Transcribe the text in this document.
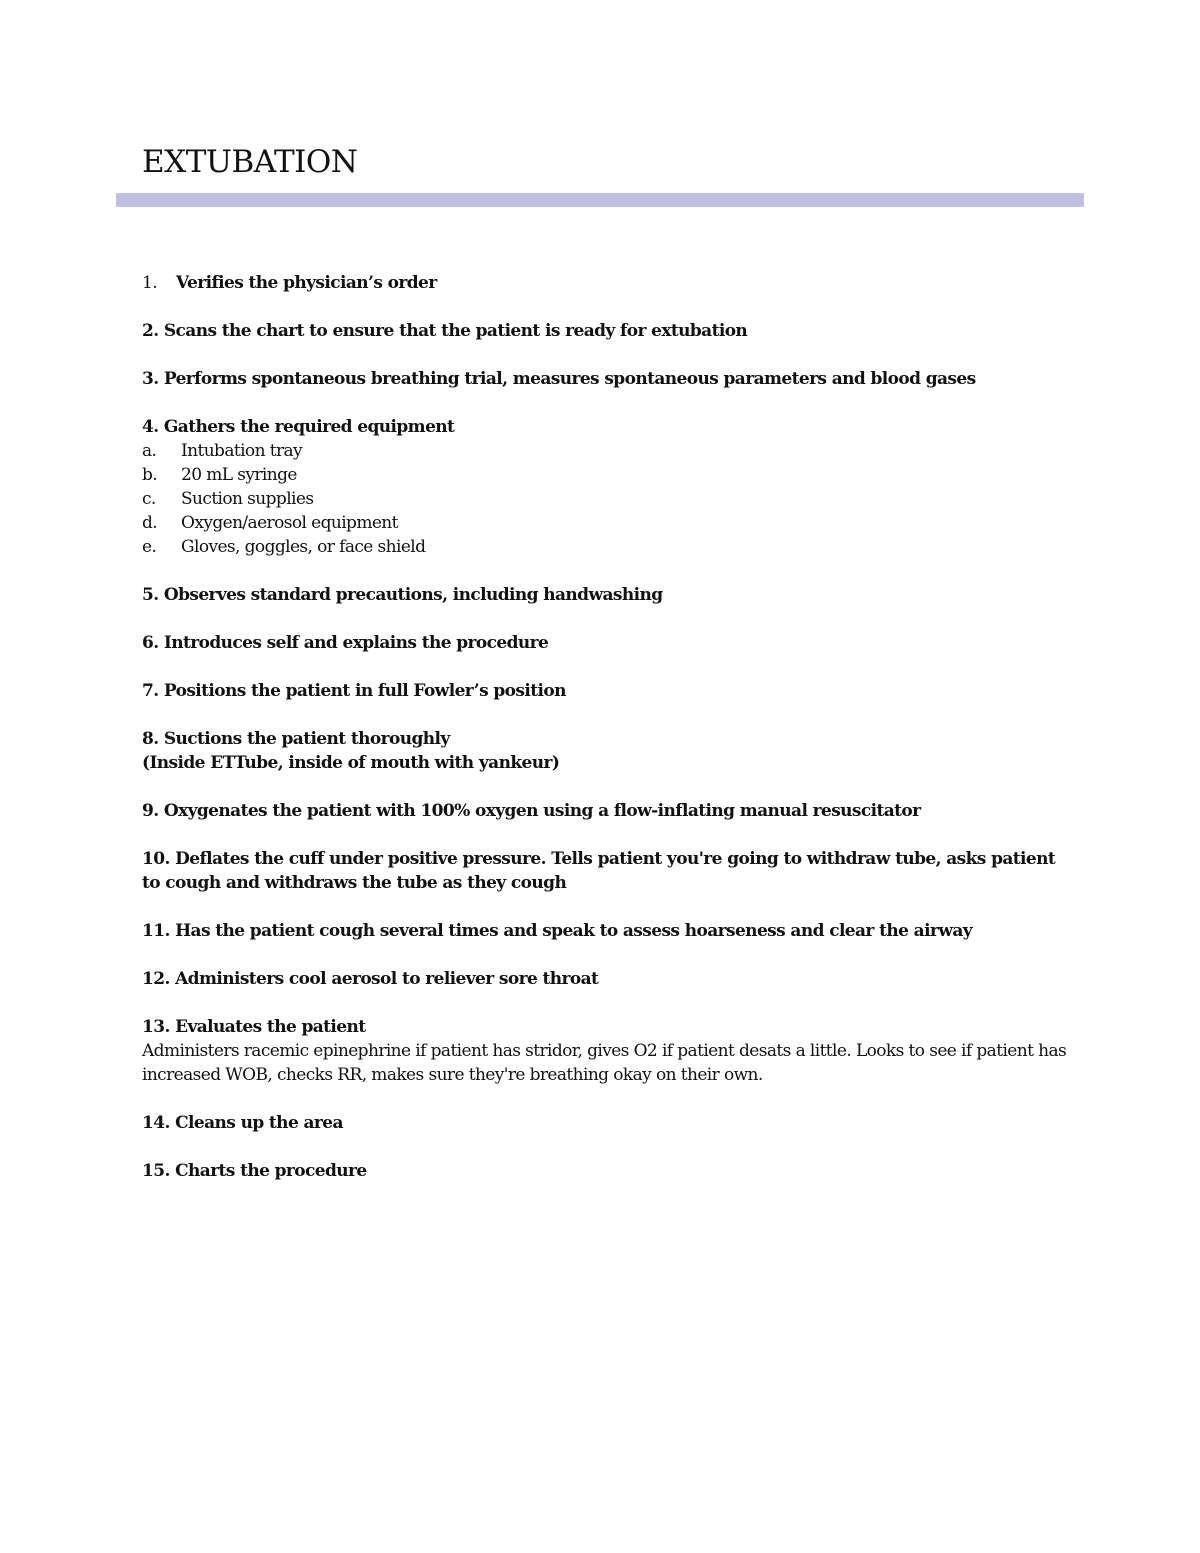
EXTUBATION

1. Verifies the physician’s order

2. Scans the chart to ensure that the patient is ready for extubation

3. Performs spontaneous breathing trial, measures spontaneous parameters and blood gases

4. Gathers the required equipment

a. Intubation tray
b. 20 mL syringe
c. Suction supplies
d. Oxygen/aerosol equipment
e. Gloves, goggles, or face shield

5. Observes standard precautions, including handwashing

6. Introduces self and explains the procedure

7. Positions the patient in full Fowler’s position

8. Suctions the patient thoroughly

(Inside ETTube, inside of mouth with yankeur)

9. Oxygenates the patient with 100% oxygen using a flow-inflating manual resuscitator

10. Deflates the cuff under positive pressure. Tells patient you're going to withdraw tube, asks patient to cough and withdraws the tube as they cough

11. Has the patient cough several times and speak to assess hoarseness and clear the airway

12. Administers cool aerosol to reliever sore throat

13. Evaluates the patient

Administers racemic epinephrine if patient has stridor, gives O2 if patient desats a little. Looks to see if patient has increased WOB, checks RR, makes sure they're breathing okay on their own.

14. Cleans up the area

15. Charts the procedure
